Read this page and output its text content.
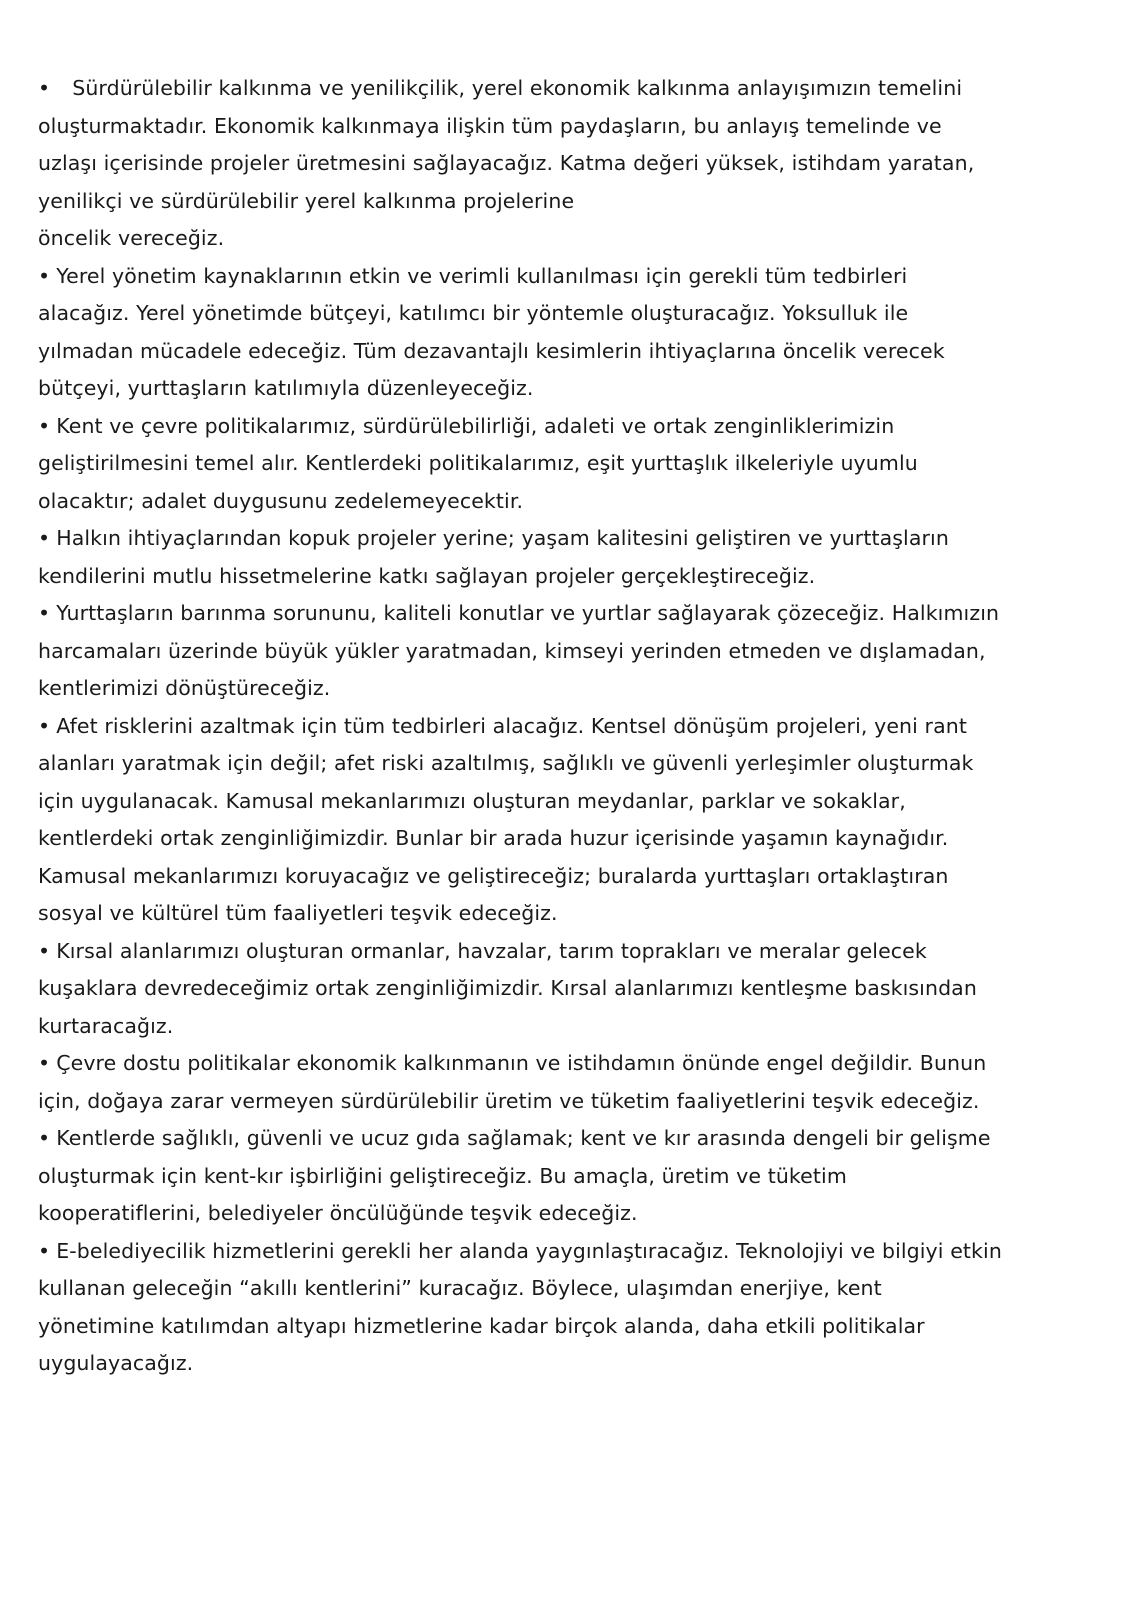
• Sürdürülebilir kalkınma ve yenilikçilik, yerel ekonomik kalkınma anlayışımızın temelini
oluşturmaktadır. Ekonomik kalkınmaya ilişkin tüm paydaşların, bu anlayış temelinde ve
uzlaşı içerisinde projeler üretmesini sağlayacağız. Katma değeri yüksek, istihdam yaratan,
yenilikçi ve sürdürülebilir yerel kalkınma projelerine
öncelik vereceğiz.
• Yerel yönetim kaynaklarının etkin ve verimli kullanılması için gerekli tüm tedbirleri
alacağız. Yerel yönetimde bütçeyi, katılımcı bir yöntemle oluşturacağız. Yoksulluk ile
yılmadan mücadele edeceğiz. Tüm dezavantajlı kesimlerin ihtiyaçlarına öncelik verecek
bütçeyi, yurttaşların katılımıyla düzenleyeceğiz.
• Kent ve çevre politikalarımız, sürdürülebilirliği, adaleti ve ortak zenginliklerimizin
geliştirilmesini temel alır. Kentlerdeki politikalarımız, eşit yurttaşlık ilkeleriyle uyumlu
olacaktır; adalet duygusunu zedelemeyecektir.
• Halkın ihtiyaçlarından kopuk projeler yerine; yaşam kalitesini geliştiren ve yurttaşların
kendilerini mutlu hissetmelerine katkı sağlayan projeler gerçekleştireceğiz.
• Yurttaşların barınma sorununu, kaliteli konutlar ve yurtlar sağlayarak çözeceğiz. Halkımızın
harcamaları üzerinde büyük yükler yaratmadan, kimseyi yerinden etmeden ve dışlamadan,
kentlerimizi dönüştüreceğiz.
• Afet risklerini azaltmak için tüm tedbirleri alacağız. Kentsel dönüşüm projeleri, yeni rant
alanları yaratmak için değil; afet riski azaltılmış, sağlıklı ve güvenli yerleşimler oluşturmak
için uygulanacak. Kamusal mekanlarımızı oluşturan meydanlar, parklar ve sokaklar,
kentlerdeki ortak zenginliğimizdir. Bunlar bir arada huzur içerisinde yaşamın kaynağıdır.
Kamusal mekanlarımızı koruyacağız ve geliştireceğiz; buralarda yurttaşları ortaklaştıran
sosyal ve kültürel tüm faaliyetleri teşvik edeceğiz.
• Kırsal alanlarımızı oluşturan ormanlar, havzalar, tarım toprakları ve meralar gelecek
kuşaklara devredeceğimiz ortak zenginliğimizdir. Kırsal alanlarımızı kentleşme baskısından
kurtaracağız.
• Çevre dostu politikalar ekonomik kalkınmanın ve istihdamın önünde engel değildir. Bunun
için, doğaya zarar vermeyen sürdürülebilir üretim ve tüketim faaliyetlerini teşvik edeceğiz.
• Kentlerde sağlıklı, güvenli ve ucuz gıda sağlamak; kent ve kır arasında dengeli bir gelişme
oluşturmak için kent-kır işbirliğini geliştireceğiz. Bu amaçla, üretim ve tüketim
kooperatiflerini, belediyeler öncülüğünde teşvik edeceğiz.
• E-belediyecilik hizmetlerini gerekli her alanda yaygınlaştıracağız. Teknolojiyi ve bilgiyi etkin
kullanan geleceğin “akıllı kentlerini” kuracağız. Böylece, ulaşımdan enerjiye, kent
yönetimine katılımdan altyapı hizmetlerine kadar birçok alanda, daha etkili politikalar
uygulayacağız.
